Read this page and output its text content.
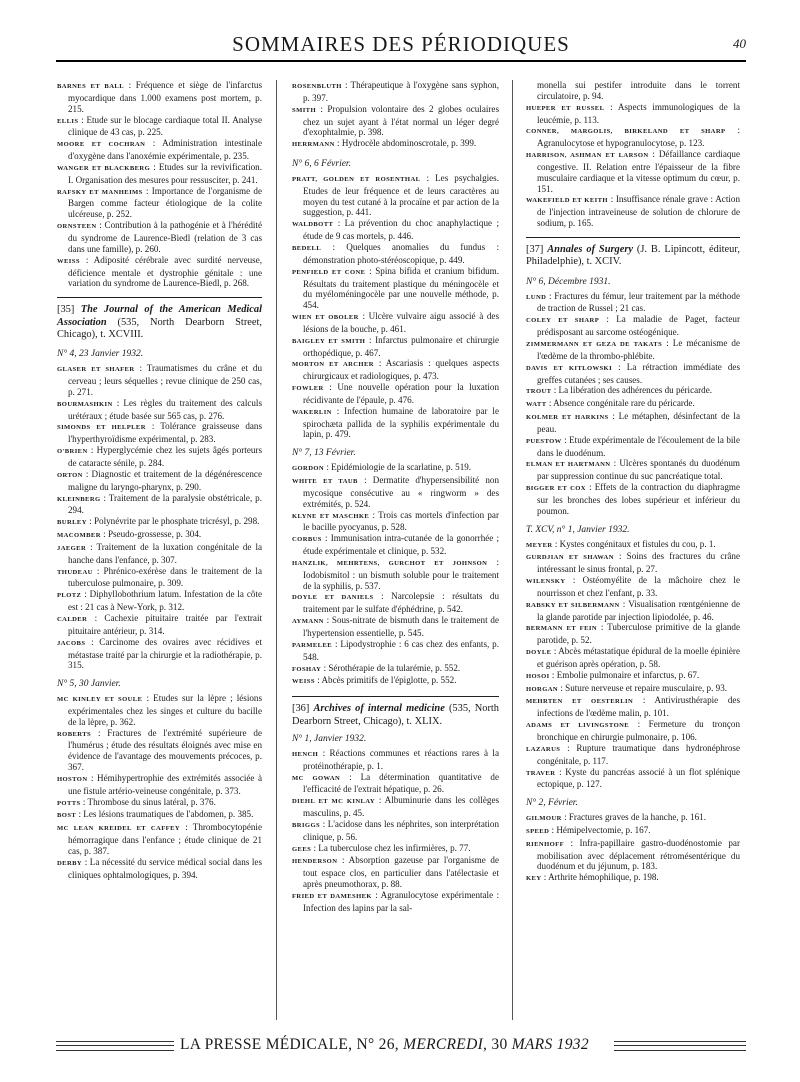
SOMMAIRES DES PÉRIODIQUES	40
BARNES ET BALL : Fréquence et siège de l'infarctus myocardique dans 1.000 examens post mortem, p. 215.
ELLIS : Etude sur le blocage cardiaque total II. Analyse clinique de 43 cas, p. 225.
MOORE ET COCHRAN : Administration intestinale d'oxygène dans l'anoxémie expérimentale, p. 235.
WANGER ET BLACKBERG : Etudes sur la revivification. I. Organisation des mesures pour ressusciter, p. 241.
RAFSKY ET MANHEIMS : Importance de l'organisme de Bargen comme facteur étiologique de la colite ulcéreuse, p. 252.
ORNSTEEN : Contribution à la pathogénie et à l'hérédité du syndrome de Laurence-Biedl (relation de 3 cas dans une famille), p. 260.
WEISS : Adiposité cérébrale avec surdité nerveuse, déficience mentale et dystrophie génitale : une variation du syndrome de Laurence-Biedl, p. 268.
[35] The Journal of the American Medical Association (535, North Dearborn Street, Chicago), t. XCVIII.
N° 4, 23 Janvier 1932.
GLASER ET SHAFER : Traumatismes du crâne et du cerveau ; leurs séquelles ; revue clinique de 250 cas, p. 271.
BOURMASHKIN : Les règles du traitement des calculs urétéraux ; étude basée sur 565 cas, p. 276.
SIMONDS ET HELPLER : Tolérance graisseuse dans l'hyperthyroïdisme expérimental, p. 283.
O'BRIEN : Hyperglycémie chez les sujets âgés porteurs de cataracte sénile, p. 284.
ORTON : Diagnostic et traitement de la dégénérescence maligne du laryngo-pharynx, p. 290.
KLEINBERG : Traitement de la paralysie obstétricale, p. 294.
BURLEY : Polynévrite par le phosphate tricrésyl, p. 298.
MACOMBER : Pseudo-grossesse, p. 304.
JAEGER : Traitement de la luxation congénitale de la hanche dans l'enfance, p. 307.
THUDEAU : Phrénico-exérèse dans le traitement de la tuberculose pulmonaire, p. 309.
PLOTZ : Diphyllobothrium latum. Infestation de la côte est : 21 cas à New-York, p. 312.
CALDER : Cachexie pituitaire traitée par l'extrait pituitaire antérieur, p. 314.
JACOBS : Carcinome des ovaires avec récidives et métastase traité par la chirurgie et la radiothérapie, p. 315.
N° 5, 30 Janvier.
MC KINLEY ET SOULE : Etudes sur la lèpre ; lésions expérimentales chez les singes et culture du bacille de la lèpre, p. 362.
ROBERTS : Fractures de l'extrémité supérieure de l'humérus ; étude des résultats éloignés avec mise en évidence de l'avantage des mouvements précoces, p. 367.
HOSTON : Hémihypertrophie des extrémités associée à une fistule artério-veineuse congénitale, p. 373.
POTTS : Thrombose du sinus latéral, p. 376.
BOST : Les lésions traumatiques de l'abdomen, p. 385.
MC LEAN KREIDEL ET CAFFEY : Thrombocytopénie hémorragique dans l'enfance ; étude clinique de 21 cas, p. 387.
DERBY : La nécessité du service médical social dans les cliniques ophtalmologiques, p. 394.
ROSENBLUTH : Thérapeutique à l'oxygène sans syphon, p. 397.
SMITH : Propulsion volontaire des 2 globes oculaires chez un sujet ayant à l'état normal un léger degré d'exophtalmie, p. 398.
HERRMANN : Hydrocèle abdominoscrotale, p. 399.
N° 6, 6 Février.
PRATT, GOLDEN ET ROSENTHAL : Les psychalgies. Etudes de leur fréquence et de leurs caractères au moyen du test cutané à la procaïne et par action de la suggestion, p. 441.
WALDBOTT : La prévention du choc anaphylactique ; étude de 9 cas mortels, p. 446.
BEDELL : Quelques anomalies du fundus : démonstration photo-stéréoscopique, p. 449.
PENFIELD ET CONE : Spina bifida et cranium bifidum. Résultats du traitement plastique du méningocèle et du myéloméningocèle par une nouvelle méthode, p. 454.
WIEN ET OBOLER : Ulcère vulvaire aigu associé à des lésions de la bouche, p. 461.
BAIGLEY ET SMITH : Infarctus pulmonaire et chirurgie orthopédique, p. 467.
MORTON ET ARCHER : Ascariasis : quelques aspects chirurgicaux et radiologiques, p. 473.
FOWLER : Une nouvelle opération pour la luxation récidivante de l'épaule, p. 476.
WAKERLIN : Infection humaine de laboratoire par le spirochæta pallida de la syphilis expérimentale du lapin, p. 479.
N° 7, 13 Février.
GORDON : Epidémiologie de la scarlatine, p. 519.
WHITE ET TAUB : Dermatite d'hypersensibilité non mycosique consécutive au « ringworm » des extrémités, p. 524.
KLYNE ET MASCHKE : Trois cas mortels d'infection par le bacille pyocyanus, p. 528.
CORBUS : Immunisation intra-cutanée de la gonorrhée ; étude expérimentale et clinique, p. 532.
HANZLIK, MEHRTENS, GURCHOT ET JOHNSON : Iodobismitol : un bismuth soluble pour le traitement de la syphilis, p. 537.
DOYLE ET DANIELS : Narcolepsie : résultats du traitement par le sulfate d'éphédrine, p. 542.
AYMANN : Sous-nitrate de bismuth dans le traitement de l'hypertension essentielle, p. 545.
PARMELEE : Lipodystrophie : 6 cas chez des enfants, p. 548.
FOSHAY : Sérothérapie de la tularémie, p. 552.
WEISS : Abcès primitifs de l'épiglotte, p. 552.
[36] Archives of internal medicine (535, North Dearborn Street, Chicago), t. XLIX.
N° 1, Janvier 1932.
HENCH : Réactions communes et réactions rares à la protéinothérapie, p. 1.
MC GOWAN : La détermination quantitative de l'efficacité de l'extrait hépatique, p. 26.
DIEHL ET MC KINLAY : Albuminurie dans les collèges masculins, p. 45.
BRIGGS : L'acidose dans les néphrites, son interprétation clinique, p. 56.
GEES : La tuberculose chez les infirmières, p. 77.
HENDERSON : Absorption gazeuse par l'organisme de tout espace clos, en particulier dans l'atélectasie et après pneumothorax, p. 88.
FRIED ET DAMESHEK : Agranulocytose expérimentale : Infection des lapins par la sal-
monella sui pestifer introduite dans le torrent circulatoire, p. 94.
HUEPER ET RUSSEL : Aspects immunologiques de la leucémie, p. 113.
CONNER, MARGOLIS, BIRKELAND ET SHARP : Agranulocytose et hypogranulocytose, p. 123.
HARRISON, ASHMAN ET LARSON : Défaillance cardiaque congestive. II. Relation entre l'épaisseur de la fibre musculaire cardiaque et la vitesse optimum du cœur, p. 151.
WAKEFIELD ET KEITH : Insuffisance rénale grave : Action de l'injection intraveineuse de solution de chlorure de sodium, p. 165.
[37] Annales of Surgery (J. B. Lipincott, éditeur, Philadelphie), t. XCIV.
N° 6, Décembre 1931.
LUND : Fractures du fémur, leur traitement par la méthode de traction de Russel ; 21 cas.
COLEY ET SHARP : La maladie de Paget, facteur prédisposant au sarcome ostéogénique.
ZIMMERMANN ET GEZA DE TAKATS : Le mécanisme de l'œdème de la thrombo-phlébite.
DAVIS ET KITLOWSKI : La rétraction immédiate des greffes cutanées ; ses causes.
TROUT : La libération des adhérences du péricarde.
WATT : Absence congénitale rare du péricarde.
KOLMER ET HARKINS : Le métaphen, désinfectant de la peau.
PUESTOW : Etude expérimentale de l'écoulement de la bile dans le duodénum.
ELMAN ET HARTMANN : Ulcères spontanés du duodénum par suppression continue du suc pancréatique total.
BIGGER ET COX : Effets de la contraction du diaphragme sur les bronches des lobes supérieur et inférieur du poumon.
T. XCV, n° 1, Janvier 1932.
MEYER : Kystes congénitaux et fistules du cou, p. 1.
GURDJIAN ET SHAWAN : Soins des fractures du crâne intéressant le sinus frontal, p. 27.
WILENSKY : Ostéomyélite de la mâchoire chez le nourrisson et chez l'enfant, p. 33.
RABSKY ET SILBERMANN : Visualisation rœntgénienne de la glande parotide par injection lipiodolée, p. 46.
BERMANN ET FEIN : Tuberculose primitive de la glande parotide, p. 52.
DOYLE : Abcès métastatique épidural de la moelle épinière et guérison après opération, p. 58.
HOSOI : Embolie pulmonaire et infarctus, p. 67.
HORGAN : Suture nerveuse et repaire musculaire, p. 93.
MEHRTEN ET OESTERLIN : Antivirusthérapie des infections de l'œdème malin, p. 101.
ADAMS ET LIVINGSTONE : Fermeture du tronçon bronchique en chirurgie pulmonaire, p. 106.
LAZARUS : Rupture traumatique dans hydronéphrose congénitale, p. 117.
TRAVER : Kyste du pancréas associé à un flot splénique ectopique, p. 127.
N° 2, Février.
GILMOUR : Fractures graves de la hanche, p. 161.
SPEED : Hémipelvectomie, p. 167.
RIENHOFF : Infra-papillaire gastro-duodénostomie par mobilisation avec déplacement rétromésentérique du duodénum et du jéjunum, p. 183.
KEY : Arthrite hémophilique, p. 198.
LA PRESSE MÉDICALE, N° 26, MERCREDI, 30 MARS 1932
